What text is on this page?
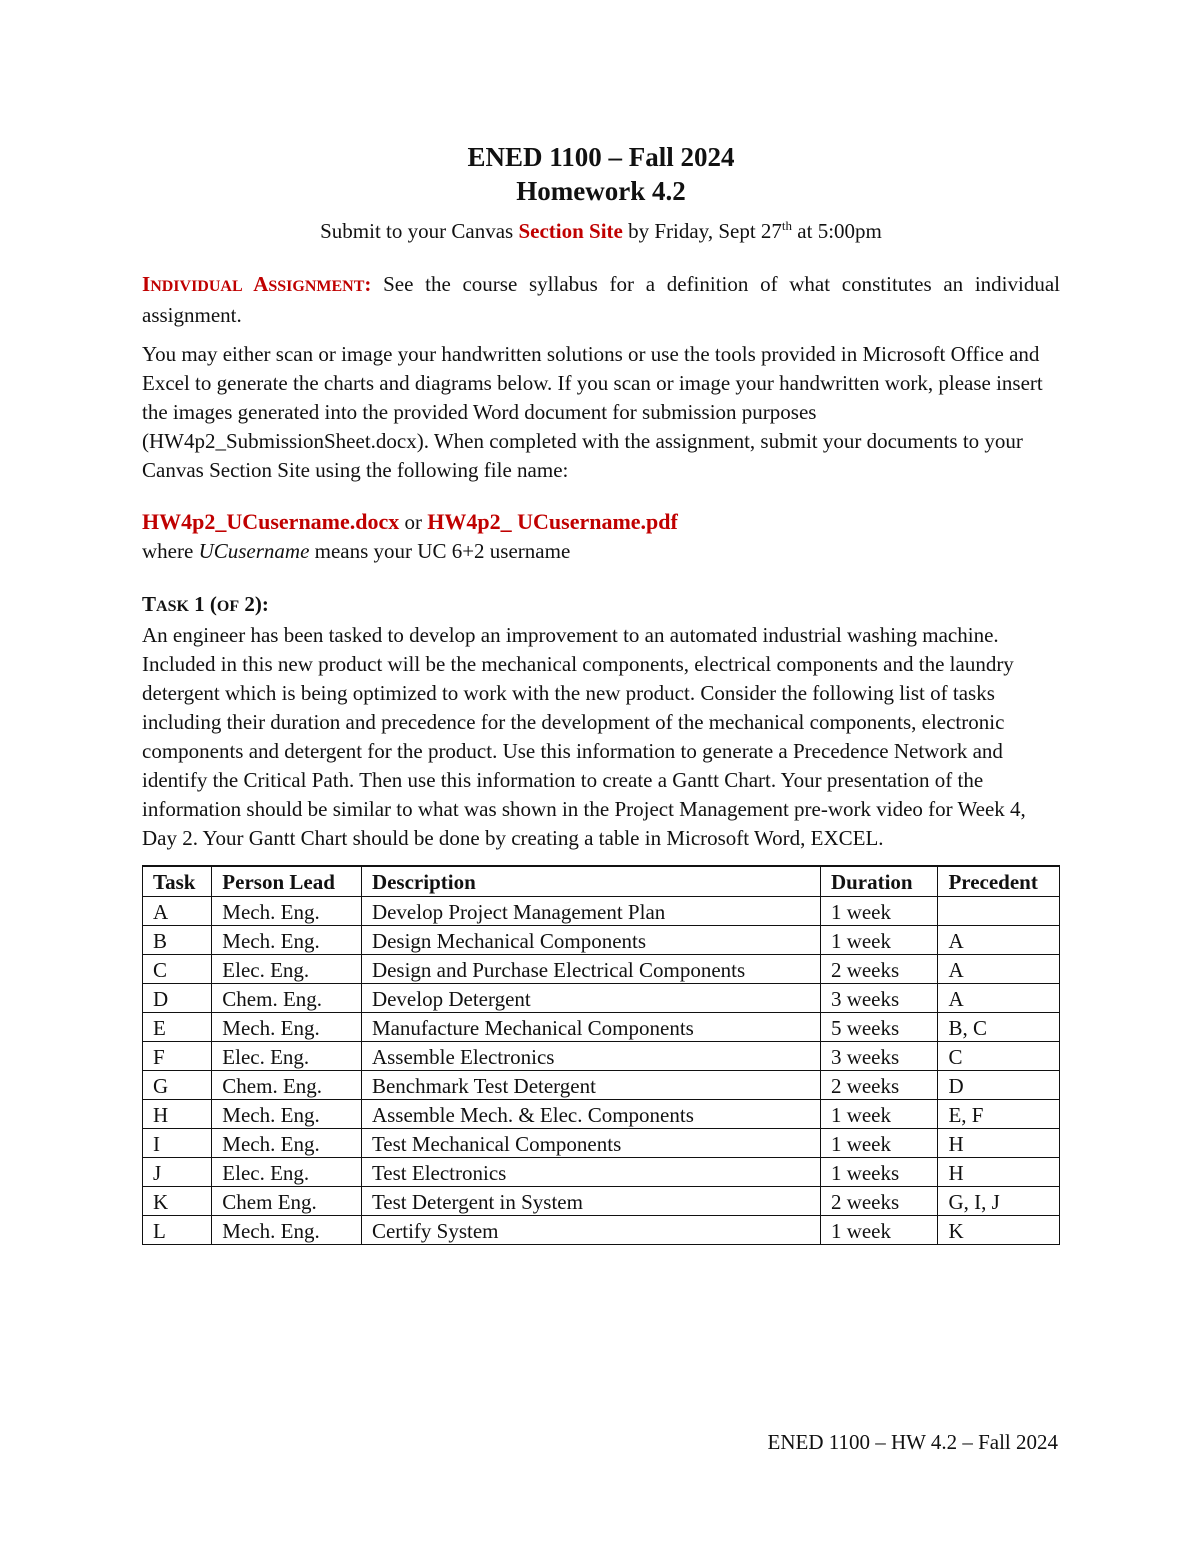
ENED 1100 – Fall 2024
Homework 4.2
Submit to your Canvas Section Site by Friday, Sept 27th at 5:00pm

INDIVIDUAL ASSIGNMENT: See the course syllabus for a definition of what constitutes an individual assignment.

You may either scan or image your handwritten solutions or use the tools provided in Microsoft Office and Excel to generate the charts and diagrams below. If you scan or image your handwritten work, please insert the images generated into the provided Word document for submission purposes (HW4p2_SubmissionSheet.docx). When completed with the assignment, submit your documents to your Canvas Section Site using the following file name:

HW4p2_UCusername.docx or HW4p2_ UCusername.pdf

where UCusername means your UC 6+2 username

TASK 1 (OF 2):

An engineer has been tasked to develop an improvement to an automated industrial washing machine. Included in this new product will be the mechanical components, electrical components and the laundry detergent which is being optimized to work with the new product. Consider the following list of tasks including their duration and precedence for the development of the mechanical components, electronic components and detergent for the product. Use this information to generate a Precedence Network and identify the Critical Path. Then use this information to create a Gantt Chart. Your presentation of the information should be similar to what was shown in the Project Management pre-work video for Week 4, Day 2. Your Gantt Chart should be done by creating a table in Microsoft Word, EXCEL.

Task	Person Lead	Description	Duration	Precedent
A	Mech. Eng.	Develop Project Management Plan	1 week	
B	Mech. Eng.	Design Mechanical Components	1 week	A
C	Elec. Eng.	Design and Purchase Electrical Components	2 weeks	A
D	Chem. Eng.	Develop Detergent	3 weeks	A
E	Mech. Eng.	Manufacture Mechanical Components	5 weeks	B, C
F	Elec. Eng.	Assemble Electronics	3 weeks	C
G	Chem. Eng.	Benchmark Test Detergent	2 weeks	D
H	Mech. Eng.	Assemble Mech. & Elec. Components	1 week	E, F
I	Mech. Eng.	Test Mechanical Components	1 week	H
J	Elec. Eng.	Test Electronics	1 weeks	H
K	Chem Eng.	Test Detergent in System	2 weeks	G, I, J
L	Mech. Eng.	Certify System	1 week	K
ENED 1100 – HW 4.2 – Fall 2024
